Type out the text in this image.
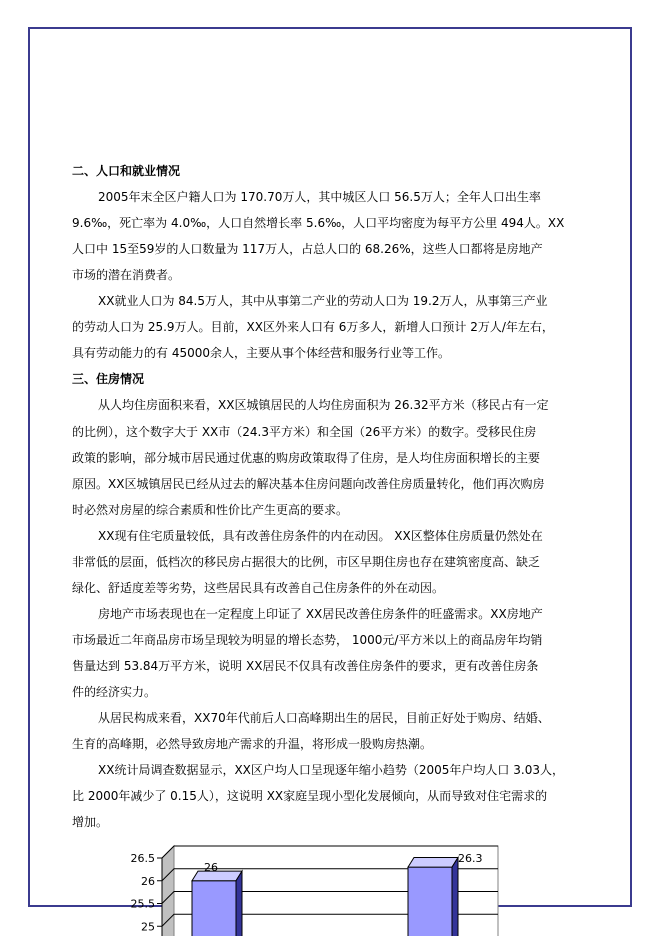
二、人口和就业情况
2005年末全区户籍人口为 170.70万人，其中城区人口 56.5万人；全年人口出生率
9.6‰，死亡率为 4.0‰，人口自然增长率 5.6‰，人口平均密度为每平方公里 494人。XX
人口中 15至59岁的人口数量为 117万人，占总人口的 68.26%，这些人口都将是房地产
市场的潜在消费者。
XX就业人口为 84.5万人，其中从事第二产业的劳动人口为 19.2万人，从事第三产业
的劳动人口为 25.9万人。目前，XX区外来人口有 6万多人，新增人口预计 2万人/年左右，
具有劳动能力的有 45000余人，主要从事个体经营和服务行业等工作。
三、住房情况
从人均住房面积来看，XX区城镇居民的人均住房面积为 26.32平方米（移民占有一定
的比例），这个数字大于 XX市（24.3平方米）和全国（26平方米）的数字。受移民住房
政策的影响，部分城市居民通过优惠的购房政策取得了住房，是人均住房面积增长的主要
原因。XX区城镇居民已经从过去的解决基本住房问题向改善住房质量转化，他们再次购房
时必然对房屋的综合素质和性价比产生更高的要求。
XX现有住宅质量较低，具有改善住房条件的内在动因。 XX区整体住房质量仍然处在
非常低的层面，低档次的移民房占据很大的比例，市区早期住房也存在建筑密度高、缺乏
绿化、舒适度差等劣势，这些居民具有改善自己住房条件的外在动因。
房地产市场表现也在一定程度上印证了 XX居民改善住房条件的旺盛需求。XX房地产
市场最近二年商品房市场呈现较为明显的增长态势， 1000元/平方米以上的商品房年均销
售量达到 53.84万平方米，说明 XX居民不仅具有改善住房条件的要求，更有改善住房条
件的经济实力。
从居民构成来看，XX70年代前后人口高峰期出生的居民，目前正好处于购房、结婚、
生育的高峰期，必然导致房地产需求的升温，将形成一股购房热潮。
XX统计局调查数据显示，XX区户均人口呈现逐年缩小趋势（2005年户均人口 3.03人，
比 2000年减少了 0.15人），这说明 XX家庭呈现小型化发展倾向，从而导致对住宅需求的
增加。
26.5
26
25.5
25
26
26.3
